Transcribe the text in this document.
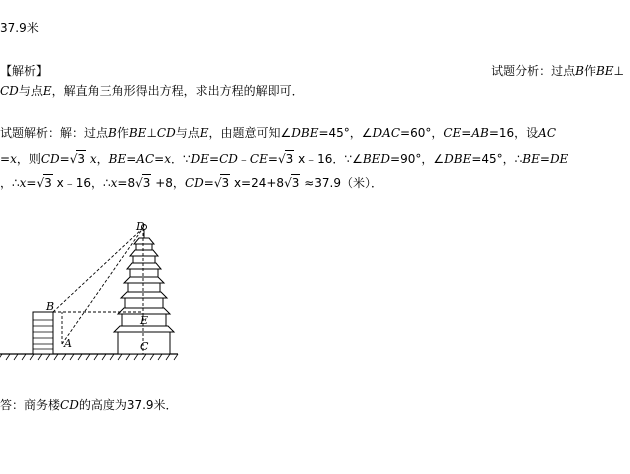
37.9米
【解析】	试题分析：过点B作BE⊥
CD与点E，解直角三角形得出方程，求出方程的解即可．
试题解析：解：过点B作BE⊥CD与点E，由题意可知∠DBE=45°，∠DAC=60°，CE=AB=16，设AC
=x，则CD=√3 x，BE=AC=x．∵DE=CD﹣CE=√3 x﹣16．∵∠BED=90°，∠DBE=45°，∴BE=DE
，∴x=√3 x﹣16，∴x=8√3 +8，CD=√3 x=24+8√3 ≈37.9（米）．
D
B
E
A	C
答：商务楼CD的高度为37.9米．
